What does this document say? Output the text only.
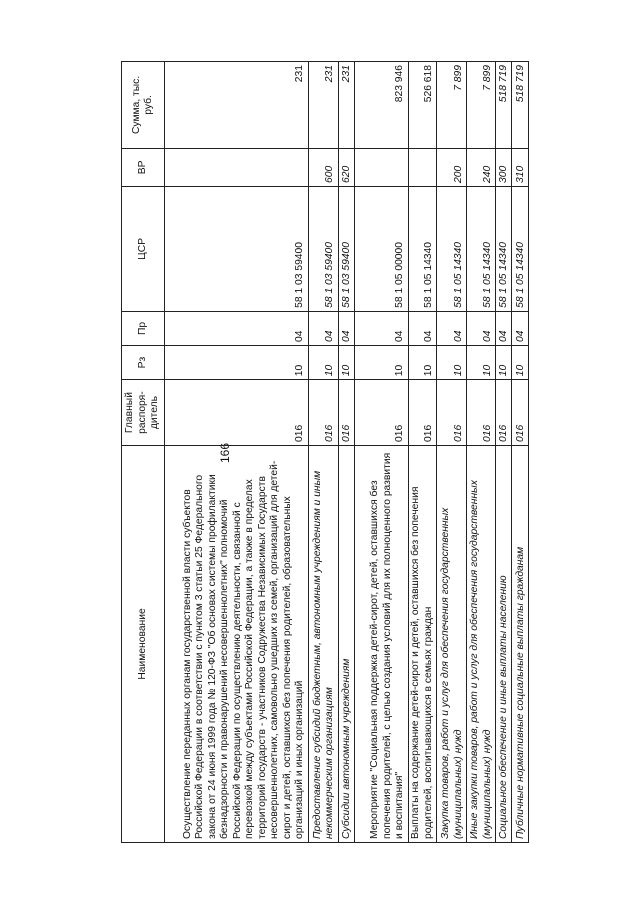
166
Наименование	Главный распоря-дитель	Рз	Пр	ЦСР	ВР	Сумма, тыс. руб.
Осуществление переданных органам государственной власти субъектов Российской Федерации в соответствии с пунктом 3 статьи 25 Федерального закона от 24 июня 1999 года № 120-ФЗ "Об основах системы профилактики безнадзорности и правонарушений несовершеннолетних" полномочий Российской Федерации по осуществлению деятельности, связанной с перевозкой между субъектами Российской Федерации, а также в пределах территорий государств - участников Содружества Независимых Государств несовершеннолетних, самовольно ушедших из семей, организаций для детей-сирот и детей, оставшихся без попечения родителей, образовательных организаций и иных организаций	016	10	04	58 1 03 59400		231
Предоставление субсидий бюджетным, автономным учреждениям и иным некоммерческим организациям	016	10	04	58 1 03 59400	600	231
Субсидии автономным учреждениям	016	10	04	58 1 03 59400	620	231
Мероприятие "Социальная поддержка детей-сирот, детей, оставшихся без попечения родителей, с целью создания условий для их полноценного развития и воспитания"	016	10	04	58 1 05 00000		823 946
Выплаты на содержание детей-сирот и детей, оставшихся без попечения родителей, воспитывающихся в семьях граждан	016	10	04	58 1 05 14340		526 618
Закупка товаров, работ и услуг для обеспечения государственных (муниципальных) нужд	016	10	04	58 1 05 14340	200	7 899
Иные закупки товаров, работ и услуг для обеспечения государственных (муниципальных) нужд	016	10	04	58 1 05 14340	240	7 899
Социальное обеспечение и иные выплаты населению	016	10	04	58 1 05 14340	300	518 719
Публичные нормативные социальные выплаты гражданам	016	10	04	58 1 05 14340	310	518 719
